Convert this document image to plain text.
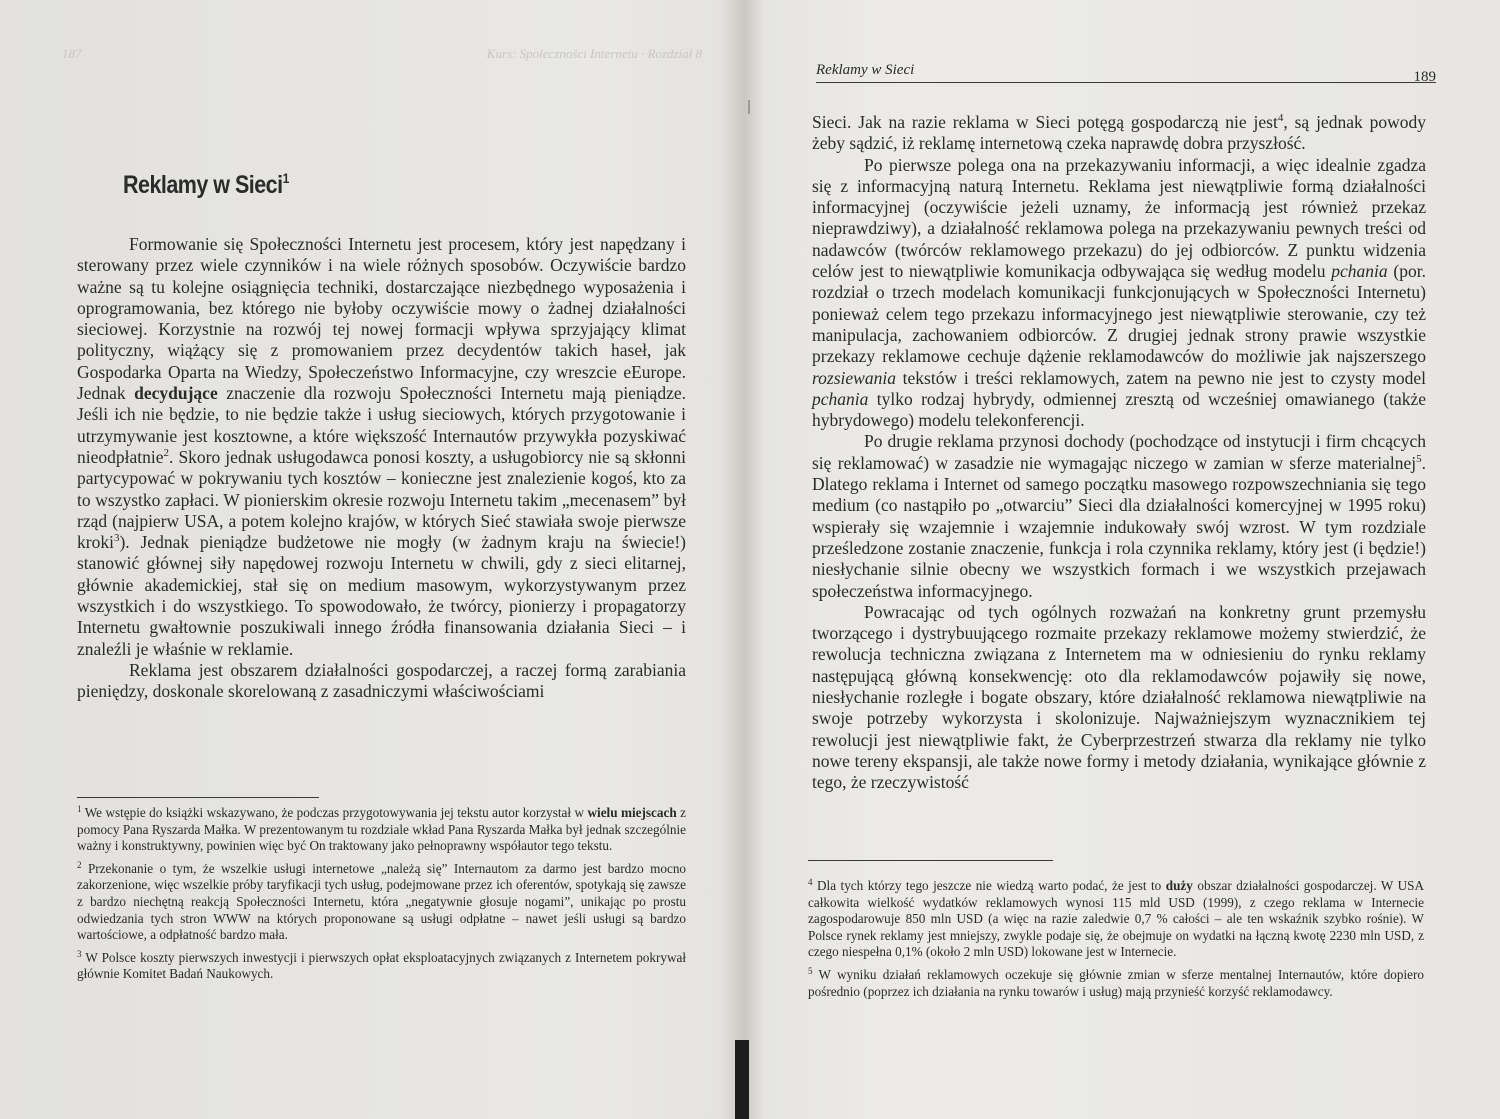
187	Kurs: Społeczności Internetu · Rozdział 8
Reklamy w Sieci$^1$

Formowanie się Społeczności Internetu jest procesem, który jest napędzany i sterowany przez wiele czynników i na wiele różnych sposobów. Oczywiście bardzo ważne są tu kolejne osiągnięcia techniki, dostarczające niezbędnego wyposażenia i oprogramowania, bez którego nie byłoby oczywiście mowy o żadnej działalności sieciowej. Korzystnie na rozwój tej nowej formacji wpływa sprzyjający klimat polityczny, wiążący się z promowaniem przez decydentów takich haseł, jak Gospodarka Oparta na Wiedzy, Społeczeństwo Informacyjne, czy wreszcie eEurope. Jednak decydujące znaczenie dla rozwoju Społeczności Internetu mają pieniądze. Jeśli ich nie będzie, to nie będzie także i usług sieciowych, których przygotowanie i utrzymywanie jest kosztowne, a które większość Internautów przywykła pozyskiwać nieodpłatnie$^2$. Skoro jednak usługodawca ponosi koszty, a usługobiorcy nie są skłonni partycypować w pokrywaniu tych kosztów – konieczne jest znalezienie kogoś, kto za to wszystko zapłaci. W pionierskim okresie rozwoju Internetu takim „mecenasem” był rząd (najpierw USA, a potem kolejno krajów, w których Sieć stawiała swoje pierwsze kroki$^3$). Jednak pieniądze budżetowe nie mogły (w żadnym kraju na świecie!) stanowić głównej siły napędowej rozwoju Internetu w chwili, gdy z sieci elitarnej, głównie akademickiej, stał się on medium masowym, wykorzystywanym przez wszystkich i do wszystkiego. To spowodowało, że twórcy, pionierzy i propagatorzy Internetu gwałtownie poszukiwali innego źródła finansowania działania Sieci – i znaleźli je właśnie w reklamie.

Reklama jest obszarem działalności gospodarczej, a raczej formą zarabiania pieniędzy, doskonale skorelowaną z zasadniczymi właściwościami

$^1$ We wstępie do książki wskazywano, że podczas przygotowywania jej tekstu autor korzystał w wielu miejscach z pomocy Pana Ryszarda Małka. W prezentowanym tu rozdziale wkład Pana Ryszarda Małka był jednak szczególnie ważny i konstruktywny, powinien więc być On traktowany jako pełnoprawny współautor tego tekstu.

$^2$ Przekonanie o tym, że wszelkie usługi internetowe „należą się” Internautom za darmo jest bardzo mocno zakorzenione, więc wszelkie próby taryfikacji tych usług, podejmowane przez ich oferentów, spotykają się zawsze z bardzo niechętną reakcją Społeczności Internetu, która „negatywnie głosuje nogami”, unikając po prostu odwiedzania tych stron WWW na których proponowane są usługi odpłatne – nawet jeśli usługi są bardzo wartościowe, a odpłatność bardzo mała.

$^3$ W Polsce koszty pierwszych inwestycji i pierwszych opłat eksploatacyjnych związanych z Internetem pokrywał głównie Komitet Badań Naukowych.

Reklamy w Sieci	189

Sieci. Jak na razie reklama w Sieci potęgą gospodarczą nie jest$^4$, są jednak powody żeby sądzić, iż reklamę internetową czeka naprawdę dobra przyszłość.

Po pierwsze polega ona na przekazywaniu informacji, a więc idealnie zgadza się z informacyjną naturą Internetu. Reklama jest niewątpliwie formą działalności informacyjnej (oczywiście jeżeli uznamy, że informacją jest również przekaz nieprawdziwy), a działalność reklamowa polega na przekazywaniu pewnych treści od nadawców (twórców reklamowego przekazu) do jej odbiorców. Z punktu widzenia celów jest to niewątpliwie komunikacja odbywająca się według modelu pchania (por. rozdział o trzech modelach komunikacji funkcjonujących w Społeczności Internetu) ponieważ celem tego przekazu informacyjnego jest niewątpliwie sterowanie, czy też manipulacja, zachowaniem odbiorców. Z drugiej jednak strony prawie wszystkie przekazy reklamowe cechuje dążenie reklamodawców do możliwie jak najszerszego rozsiewania tekstów i treści reklamowych, zatem na pewno nie jest to czysty model pchania tylko rodzaj hybrydy, odmiennej zresztą od wcześniej omawianego (także hybrydowego) modelu telekonferencji.

Po drugie reklama przynosi dochody (pochodzące od instytucji i firm chcących się reklamować) w zasadzie nie wymagając niczego w zamian w sferze materialnej$^5$. Dlatego reklama i Internet od samego początku masowego rozpowszechniania się tego medium (co nastąpiło po „otwarciu” Sieci dla działalności komercyjnej w 1995 roku) wspierały się wzajemnie i wzajemnie indukowały swój wzrost. W tym rozdziale prześledzone zostanie znaczenie, funkcja i rola czynnika reklamy, który jest (i będzie!) niesłychanie silnie obecny we wszystkich formach i we wszystkich przejawach społeczeństwa informacyjnego.

Powracając od tych ogólnych rozważań na konkretny grunt przemysłu tworzącego i dystrybuującego rozmaite przekazy reklamowe możemy stwierdzić, że rewolucja techniczna związana z Internetem ma w odniesieniu do rynku reklamy następującą główną konsekwencję: oto dla reklamodawców pojawiły się nowe, niesłychanie rozległe i bogate obszary, które działalność reklamowa niewątpliwie na swoje potrzeby wykorzysta i skolonizuje. Najważniejszym wyznacznikiem tej rewolucji jest niewątpliwie fakt, że Cyberprzestrzeń stwarza dla reklamy nie tylko nowe tereny ekspansji, ale także nowe formy i metody działania, wynikające głównie z tego, że rzeczywistość

$^4$ Dla tych którzy tego jeszcze nie wiedzą warto podać, że jest to duży obszar działalności gospodarczej. W USA całkowita wielkość wydatków reklamowych wynosi 115 mld USD (1999), z czego reklama w Internecie zagospodarowuje 850 mln USD (a więc na razie zaledwie 0,7 % całości – ale ten wskaźnik szybko rośnie). W Polsce rynek reklamy jest mniejszy, zwykle podaje się, że obejmuje on wydatki na łączną kwotę 2230 mln USD, z czego niespełna 0,1% (około 2 mln USD) lokowane jest w Internecie.

$^5$ W wyniku działań reklamowych oczekuje się głównie zmian w sferze mentalnej Internautów, które dopiero pośrednio (poprzez ich działania na rynku towarów i usług) mają przynieść korzyść reklamodawcy.
